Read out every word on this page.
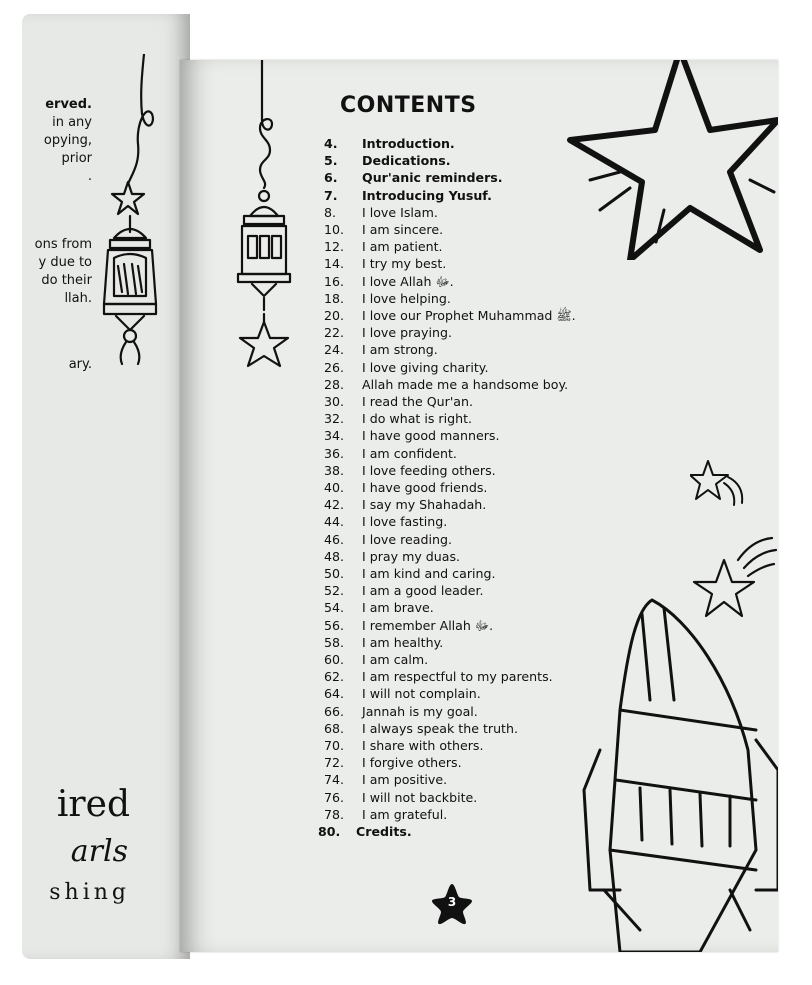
erved.
in any
opying,
prior
.
ons from
y due to
do their
llah.
ary.
ired
arls
shing
CONTENTS
4. Introduction.
5. Dedications.
6. Qur'anic reminders.
7. Introducing Yusuf.
8. I love Islam.
10. I am sincere.
12. I am patient.
14. I try my best.
16. I love Allah ﷻ.
18. I love helping.
20. I love our Prophet Muhammad ﷺ.
22. I love praying.
24. I am strong.
26. I love giving charity.
28. Allah made me a handsome boy.
30. I read the Qur'an.
32. I do what is right.
34. I have good manners.
36. I am confident.
38. I love feeding others.
40. I have good friends.
42. I say my Shahadah.
44. I love fasting.
46. I love reading.
48. I pray my duas.
50. I am kind and caring.
52. I am a good leader.
54. I am brave.
56. I remember Allah ﷻ.
58. I am healthy.
60. I am calm.
62. I am respectful to my parents.
64. I will not complain.
66. Jannah is my goal.
68. I always speak the truth.
70. I share with others.
72. I forgive others.
74. I am positive.
76. I will not backbite.
78. I am grateful.
80. Credits.
3
